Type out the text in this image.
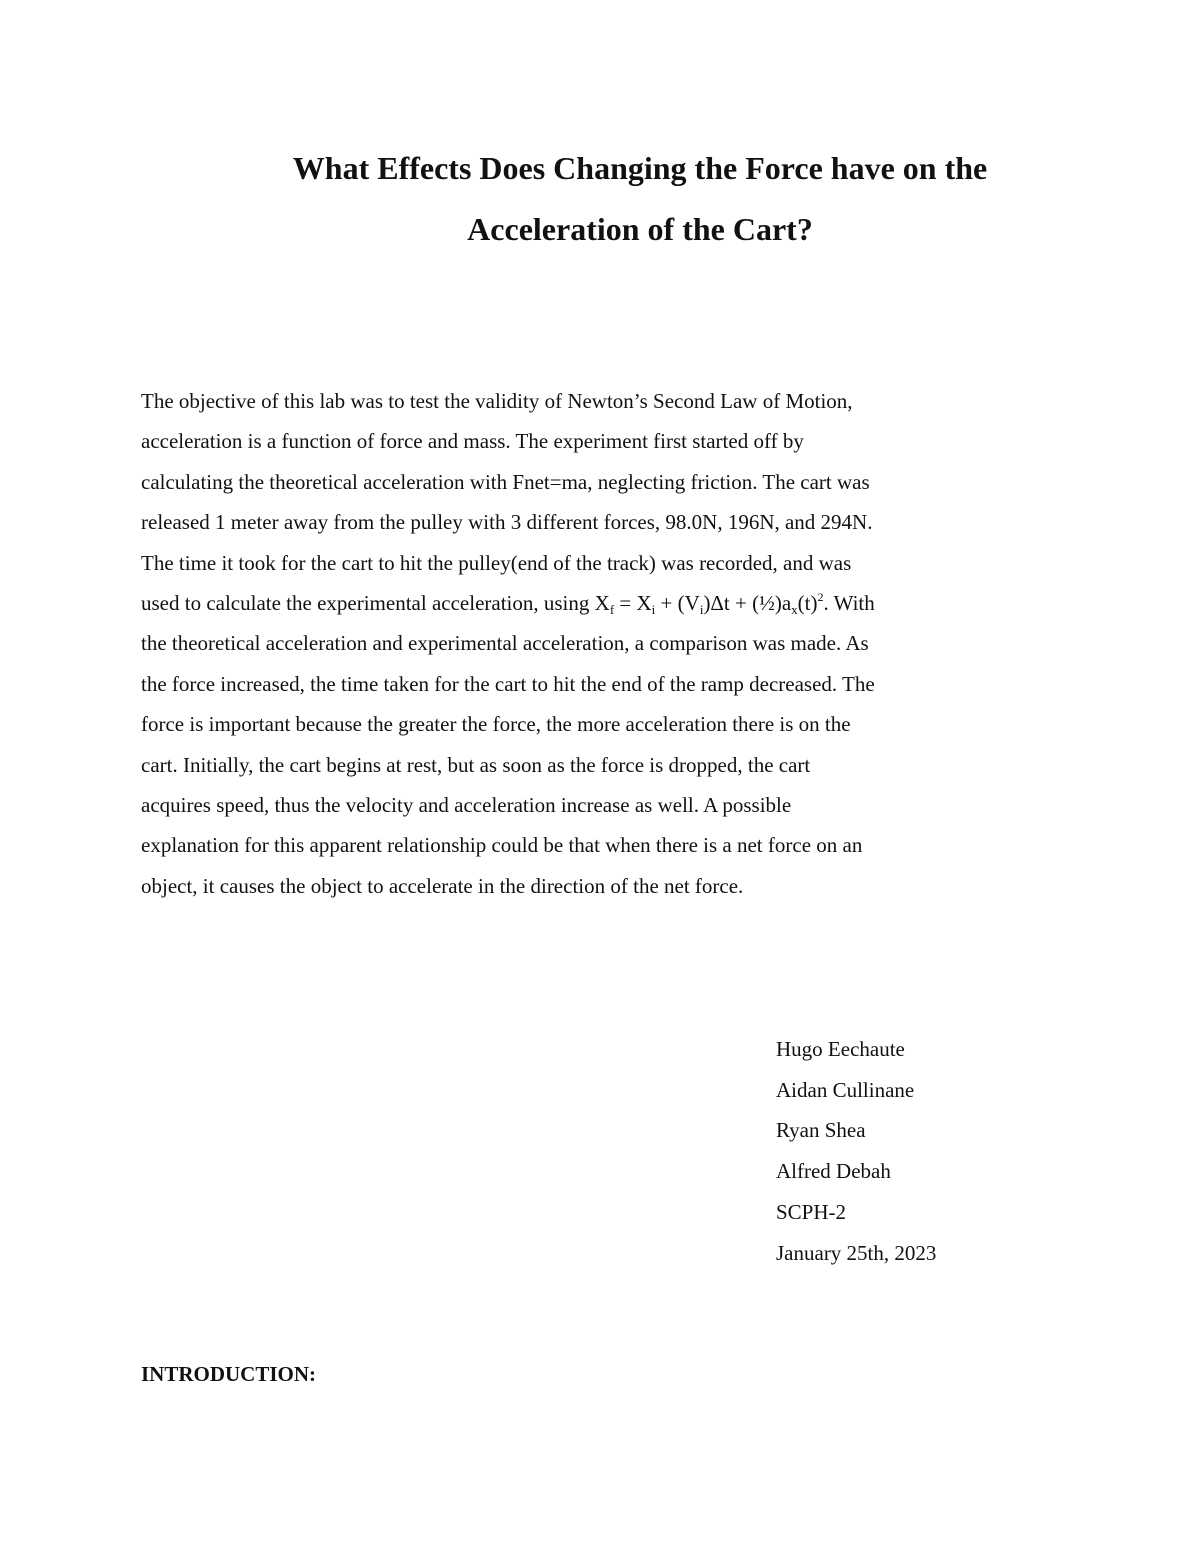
What Effects Does Changing the Force have on the
Acceleration of the Cart?

The objective of this lab was to test the validity of Newton’s Second Law of Motion,
acceleration is a function of force and mass. The experiment first started off by
calculating the theoretical acceleration with Fnet=ma, neglecting friction. The cart was
released 1 meter away from the pulley with 3 different forces, 98.0N, 196N, and 294N.
The time it took for the cart to hit the pulley(end of the track) was recorded, and was
used to calculate the experimental acceleration, using $X_f = X_i + (V_i)\Delta t$ + $(\frac{1}{2})a_x(t)^2$. With
the theoretical acceleration and experimental acceleration, a comparison was made. As
the force increased, the time taken for the cart to hit the end of the ramp decreased. The
force is important because the greater the force, the more acceleration there is on the
cart. Initially, the cart begins at rest, but as soon as the force is dropped, the cart
acquires speed, thus the velocity and acceleration increase as well. A possible
explanation for this apparent relationship could be that when there is a net force on an
object, it causes the object to accelerate in the direction of the net force.

Hugo Eechaute
Aidan Cullinane
Ryan Shea
Alfred Debah
SCPH-2
January 25th, 2023
INTRODUCTION:
